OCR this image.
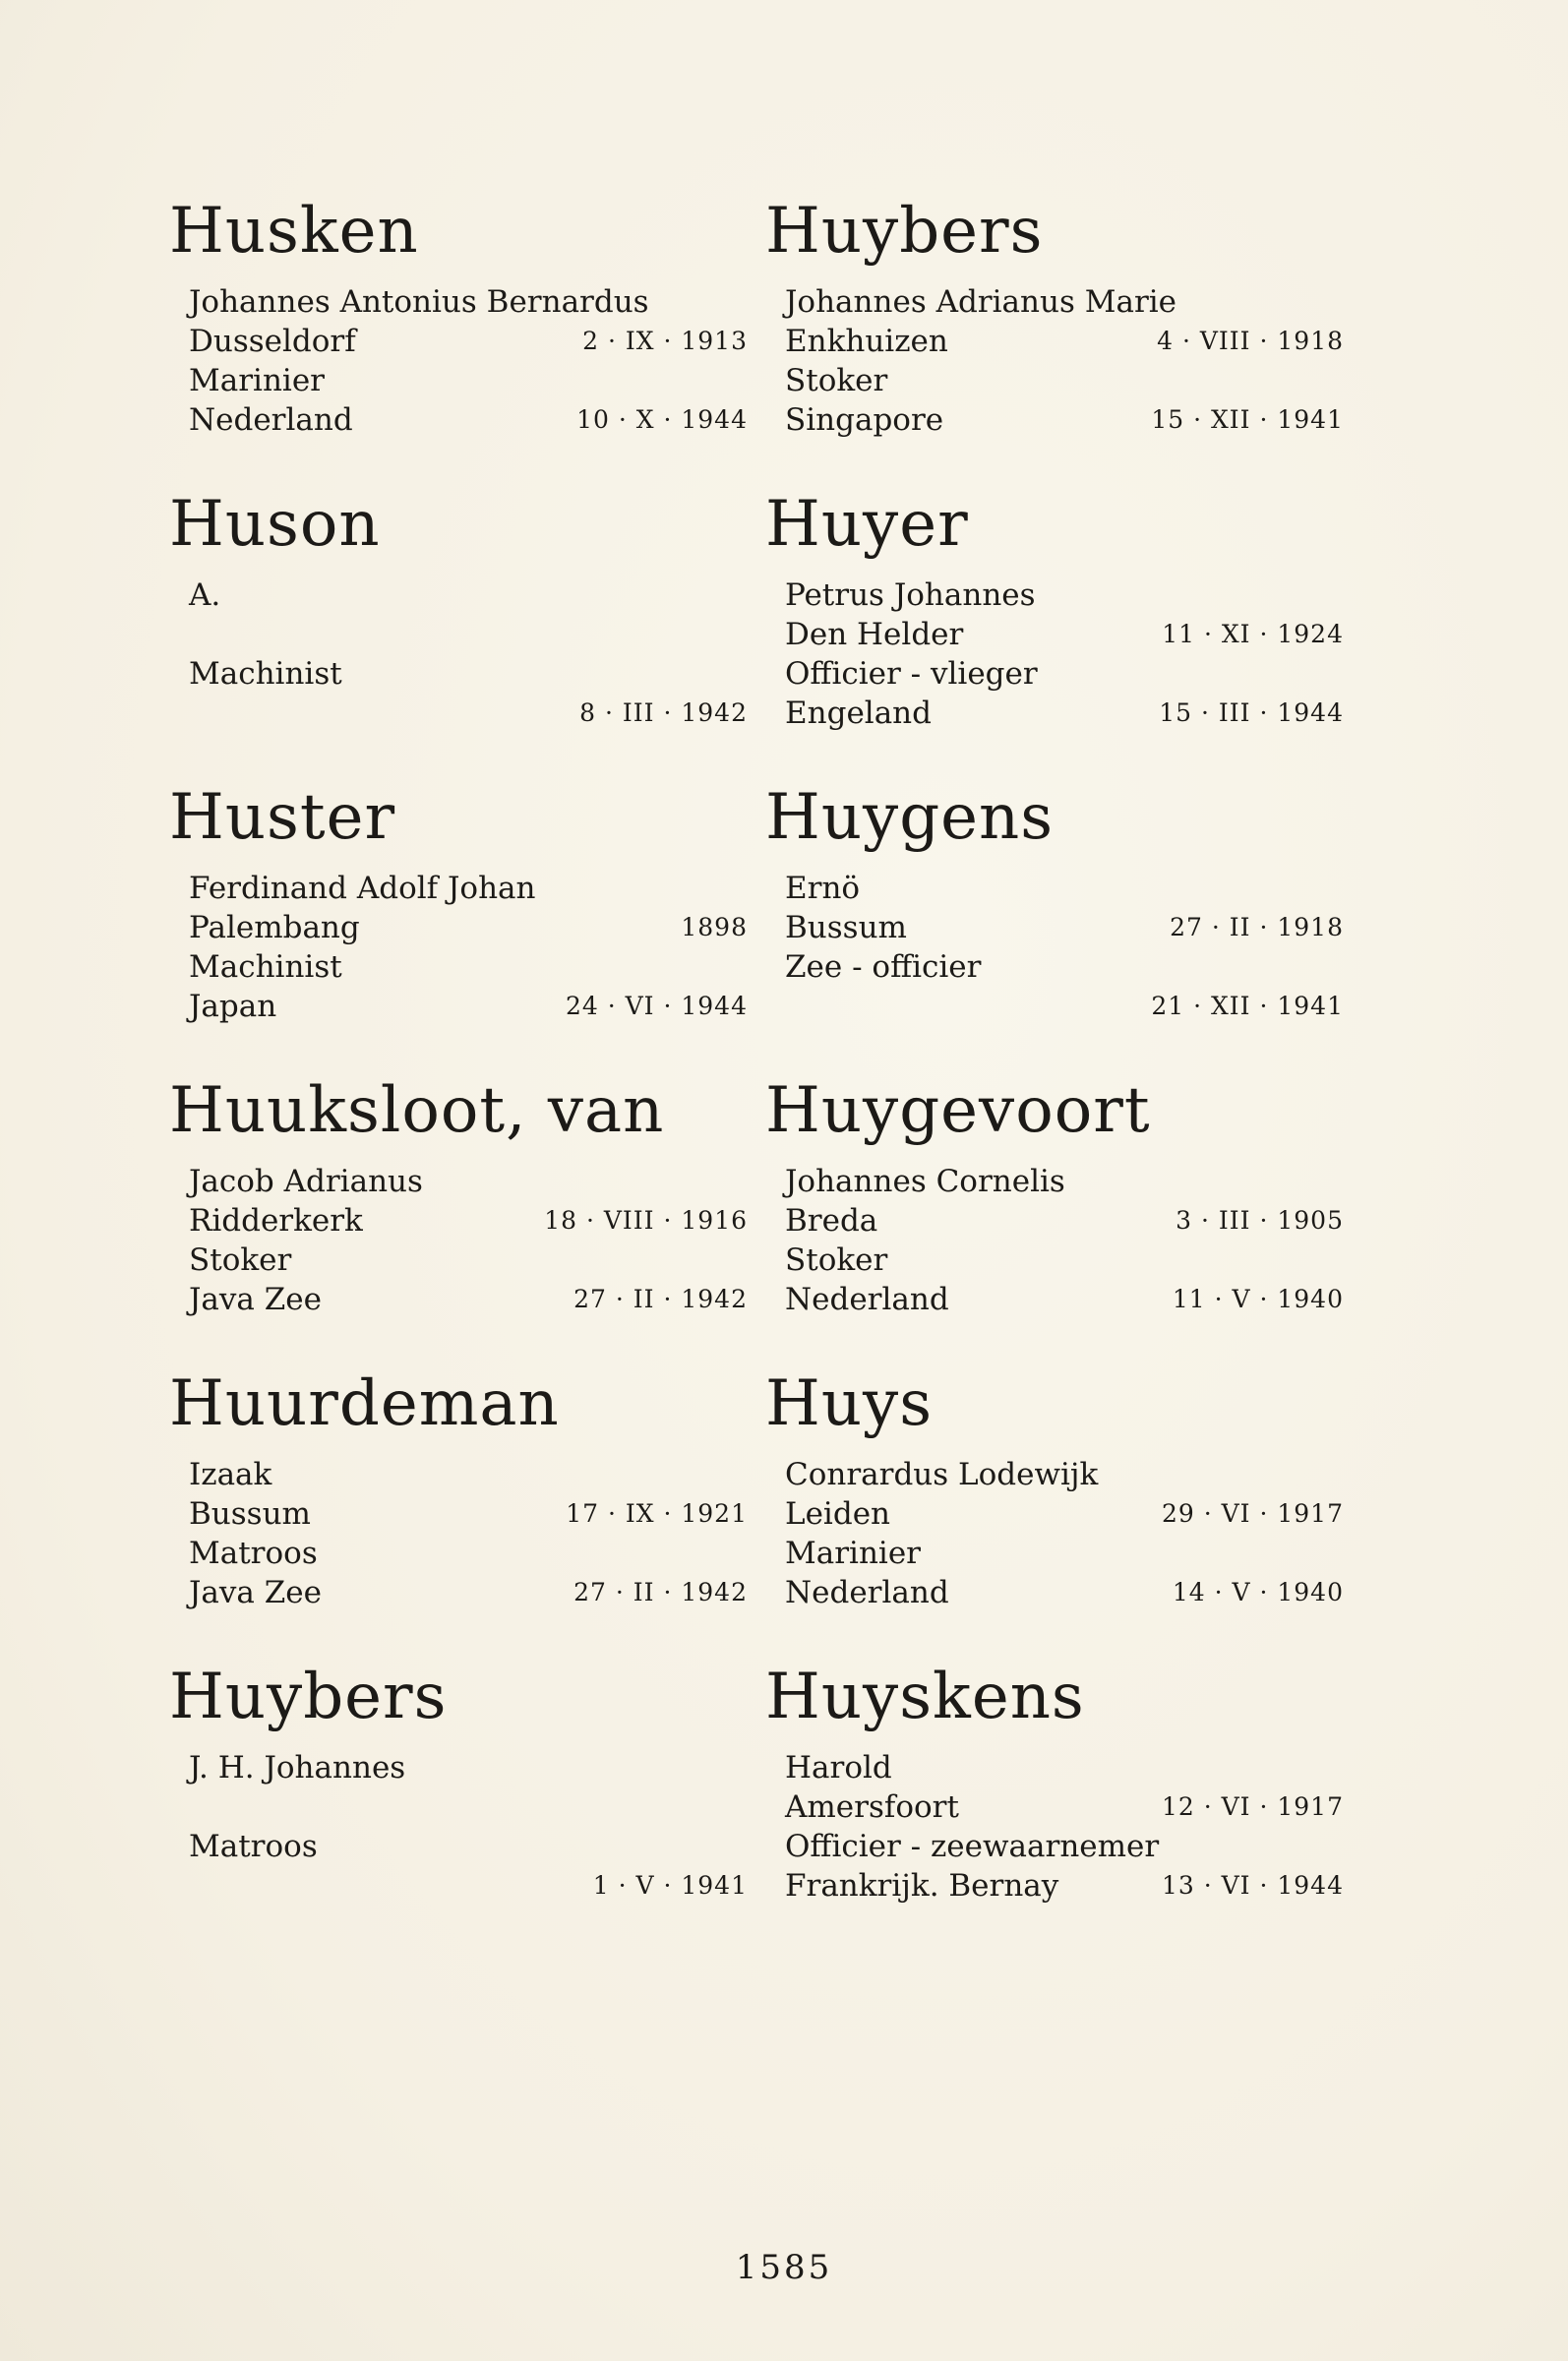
Husken
Johannes Antonius Bernardus
Dusseldorf	2 · IX · 1913
Marinier
Nederland	10 · X · 1944
Huson
A.
Machinist
8 · III · 1942
Huster
Ferdinand Adolf Johan
Palembang	1898
Machinist
Japan	24 · VI · 1944
Huuksloot, van
Jacob Adrianus
Ridderkerk	18 · VIII · 1916
Stoker
Java Zee	27 · II · 1942
Huurdeman
Izaak
Bussum	17 · IX · 1921
Matroos
Java Zee	27 · II · 1942
Huybers
J. H. Johannes
Matroos
1 · V · 1941
Huybers
Johannes Adrianus Marie
Enkhuizen	4 · VIII · 1918
Stoker
Singapore	15 · XII · 1941
Huyer
Petrus Johannes
Den Helder	11 · XI · 1924
Officier - vlieger
Engeland	15 · III · 1944
Huygens
Ernö
Bussum	27 · II · 1918
Zee - officier
21 · XII · 1941
Huygevoort
Johannes Cornelis
Breda	3 · III · 1905
Stoker
Nederland	11 · V · 1940
Huys
Conrardus Lodewijk
Leiden	29 · VI · 1917
Marinier
Nederland	14 · V · 1940
Huyskens
Harold
Amersfoort	12 · VI · 1917
Officier - zeewaarnemer
Frankrijk. Bernay	13 · VI · 1944
1585
